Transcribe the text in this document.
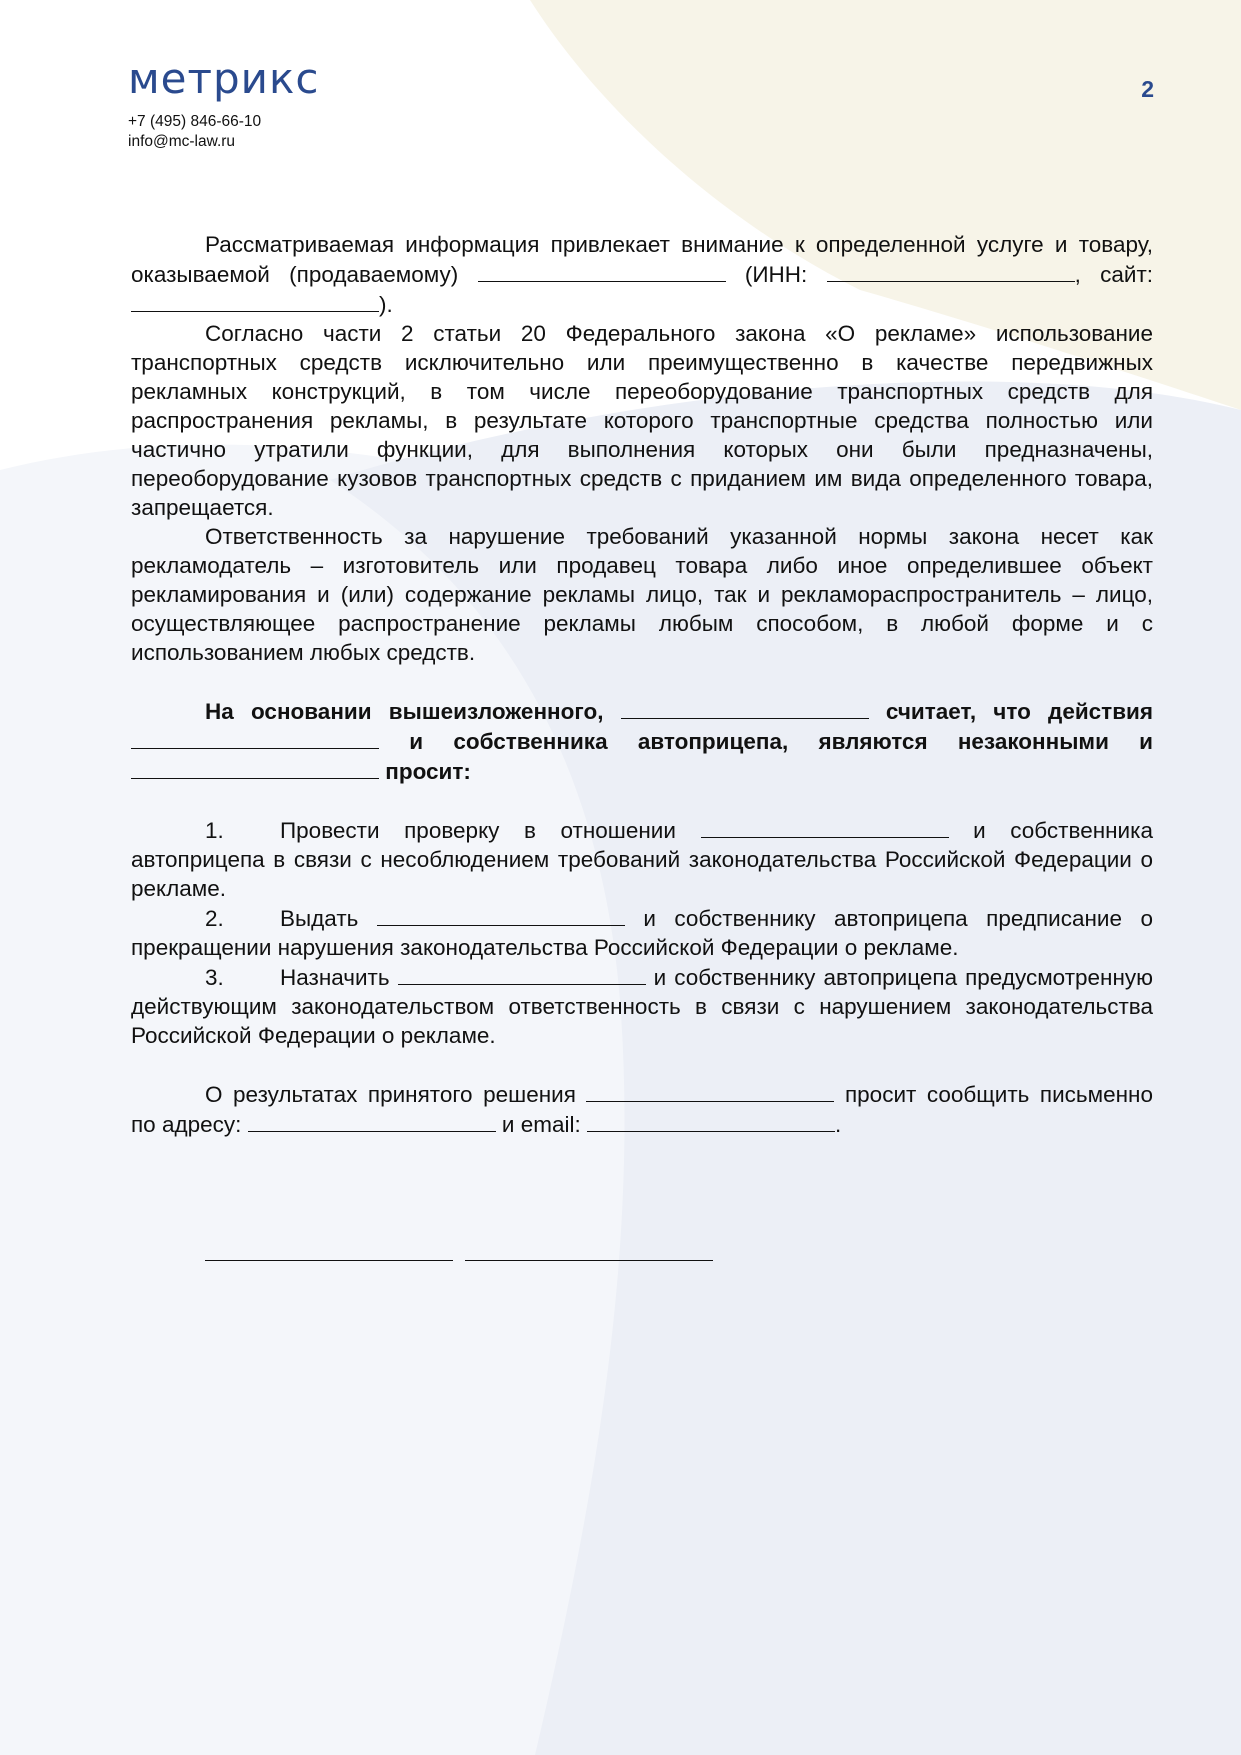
метрикс
+7 (495) 846-66-10
info@mc-law.ru
2

Рассматриваемая информация привлекает внимание к определенной услуге и товару, оказываемой (продаваемому)	(ИНН:	, сайт: ).

Согласно части 2 статьи 20 Федерального закона «О рекламе» использование транспортных средств исключительно или преимущественно в качестве передвижных рекламных конструкций, в том числе переоборудование транспортных средств для распространения рекламы, в результате которого транспортные средства полностью или частично утратили функции, для выполнения которых они были предназначены, переоборудование кузовов транспортных средств с приданием им вида определенного товара, запрещается.

Ответственность за нарушение требований указанной нормы закона несет как рекламодатель – изготовитель или продавец товара либо иное определившее объект рекламирования и (или) содержание рекламы лицо, так и рекламораспространитель – лицо, осуществляющее распространение рекламы любым способом, в любой форме и с использованием любых средств.

На основании вышеизложенного,	считает, что действия  и собственника автоприцепа, являются незаконными и  просит:

1. Провести проверку в отношении	и собственника автоприцепа в связи с несоблюдением требований законодательства Российской Федерации о рекламе.

2. Выдать	и собственнику автоприцепа предписание о прекращении нарушения законодательства Российской Федерации о рекламе.

3. Назначить	и собственнику автоприцепа предусмотренную действующим законодательством ответственность в связи с нарушением законодательства Российской Федерации о рекламе.

О результатах принятого решения	просит сообщить письменно по адресу:	и email:	.
